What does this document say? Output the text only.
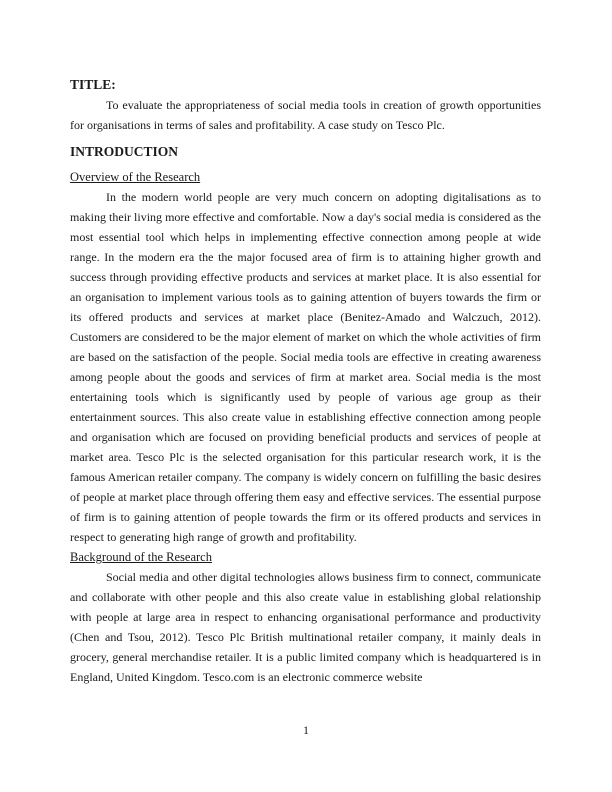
TITLE:

To evaluate the appropriateness of social media tools in creation of growth opportunities for organisations in terms of sales and profitability. A case study on Tesco Plc.

INTRODUCTION
Overview of the Research

In the modern world people are very much concern on adopting digitalisations as to making their living more effective and comfortable. Now a day's social media is considered as the most essential tool which helps in implementing effective connection among people at wide range. In the modern era the the major focused area of firm is to attaining higher growth and success through providing effective products and services at market place. It is also essential for an organisation to implement various tools as to gaining attention of buyers towards the firm or its offered products and services at market place (Benitez-Amado and Walczuch, 2012). Customers are considered to be the major element of market on which the whole activities of firm are based on the satisfaction of the people. Social media tools are effective in creating awareness among people about the goods and services of firm at market area. Social media is the most entertaining tools which is significantly used by people of various age group as their entertainment sources. This also create value in establishing effective connection among people and organisation which are focused on providing beneficial products and services of people at market area. Tesco Plc is the selected organisation for this particular research work, it is the famous American retailer company. The company is widely concern on fulfilling the basic desires of people at market place through offering them easy and effective services. The essential purpose of firm is to gaining attention of people towards the firm or its offered products and services in respect to generating high range of growth and profitability.

Background of the Research

Social media and other digital technologies allows business firm to connect, communicate and collaborate with other people and this also create value in establishing global relationship with people at large area in respect to enhancing organisational performance and productivity (Chen and Tsou, 2012). Tesco Plc British multinational retailer company, it mainly deals in grocery, general merchandise retailer. It is a public limited company which is headquartered is in England, United Kingdom. Tesco.com is an electronic commerce website

1
